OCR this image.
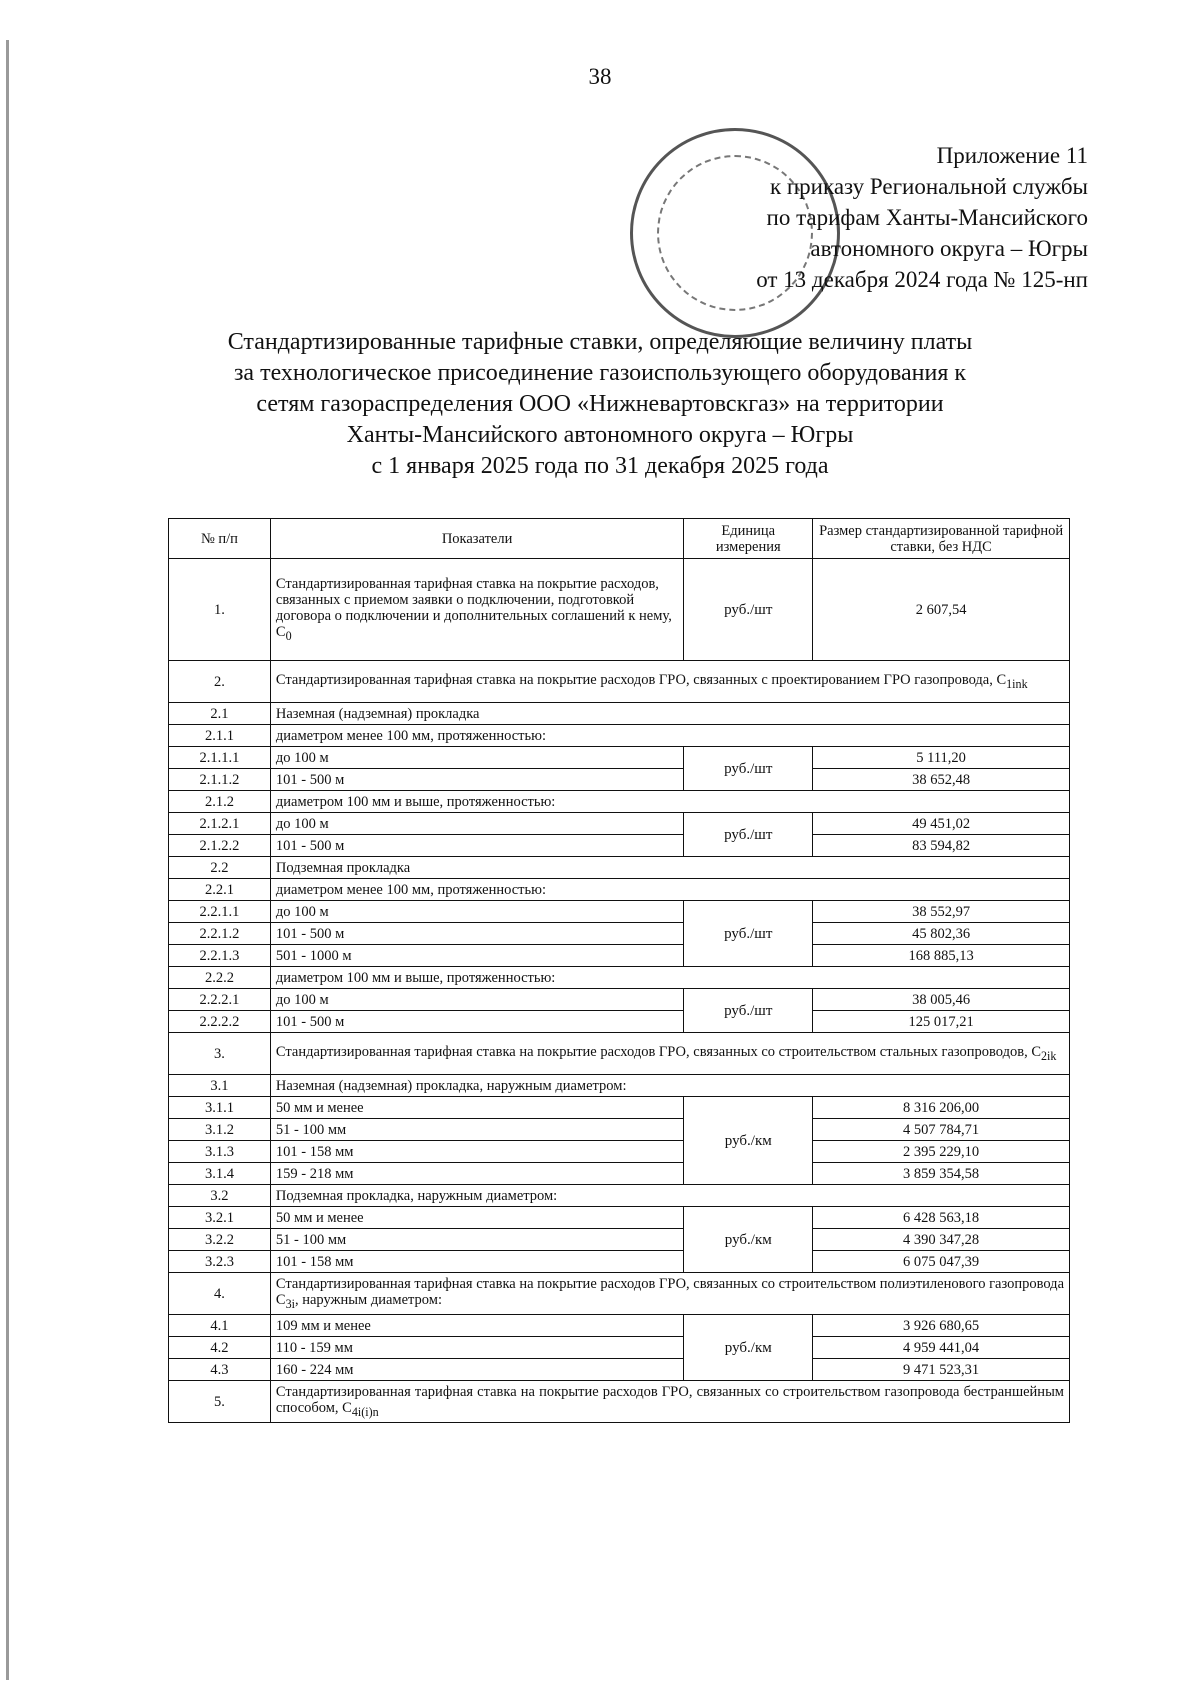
38
Приложение 11
к приказу Региональной службы
по тарифам Ханты-Мансийского
автономного округа – Югры
от 13 декабря 2024 года № 125-нп
Стандартизированные тарифные ставки, определяющие величину платы
за технологическое присоединение газоиспользующего оборудования к
сетям газораспределения ООО «Нижневартовскгаз» на территории
Ханты-Мансийского автономного округа – Югры
с 1 января 2025 года по 31 декабря 2025 года
№ п/п	Показатели	Единица измерения	Размер стандартизированной тарифной ставки, без НДС
1.	Стандартизированная тарифная ставка на покрытие расходов, связанных с приемом заявки о подключении, подготовкой договора о подключении и дополнительных соглашений к нему, $C_0$	руб./шт	2 607,54
2.	Стандартизированная тарифная ставка на покрытие расходов ГРО, связанных с проектированием ГРО газопровода, $C_{1ink}$
2.1	Наземная (надземная) прокладка		
2.1.1	диаметром менее 100 мм, протяженностью:		
2.1.1.1	до 100 м	руб./шт	5 111,20
2.1.1.2	101 - 500 м		38 652,48
2.1.2	диаметром 100 мм и выше, протяженностью:		
2.1.2.1	до 100 м	руб./шт	49 451,02
2.1.2.2	101 - 500 м		83 594,82
2.2	Подземная прокладка		
2.2.1	диаметром менее 100 мм, протяженностью:		
2.2.1.1	до 100 м	руб./шт	38 552,97
2.2.1.2	101 - 500 м		45 802,36
2.2.1.3	501 - 1000 м		168 885,13
2.2.2	диаметром 100 мм и выше, протяженностью:		
2.2.2.1	до 100 м	руб./шт	38 005,46
2.2.2.2	101 - 500 м		125 017,21
3.	Стандартизированная тарифная ставка на покрытие расходов ГРО, связанных со строительством стальных газопроводов, $C_{2ik}$
3.1	Наземная (надземная) прокладка, наружным диаметром:		
3.1.1	50 мм и менее	руб./км	8 316 206,00
3.1.2	51 - 100 мм		4 507 784,71
3.1.3	101 - 158 мм		2 395 229,10
3.1.4	159 - 218 мм		3 859 354,58
3.2	Подземная прокладка, наружным диаметром:		
3.2.1	50 мм и менее	руб./км	6 428 563,18
3.2.2	51 - 100 мм		4 390 347,28
3.2.3	101 - 158 мм		6 075 047,39
4.	Стандартизированная тарифная ставка на покрытие расходов ГРО, связанных со строительством полиэтиленового газопровода $C_{3i}$, наружным диаметром:		
4.1	109 мм и менее	руб./км	3 926 680,65
4.2	110 - 159 мм		4 959 441,04
4.3	160 - 224 мм		9 471 523,31
5.	Стандартизированная тарифная ставка на покрытие расходов ГРО, связанных со строительством газопровода бестраншейным способом, $C_{4i(i)n}$
